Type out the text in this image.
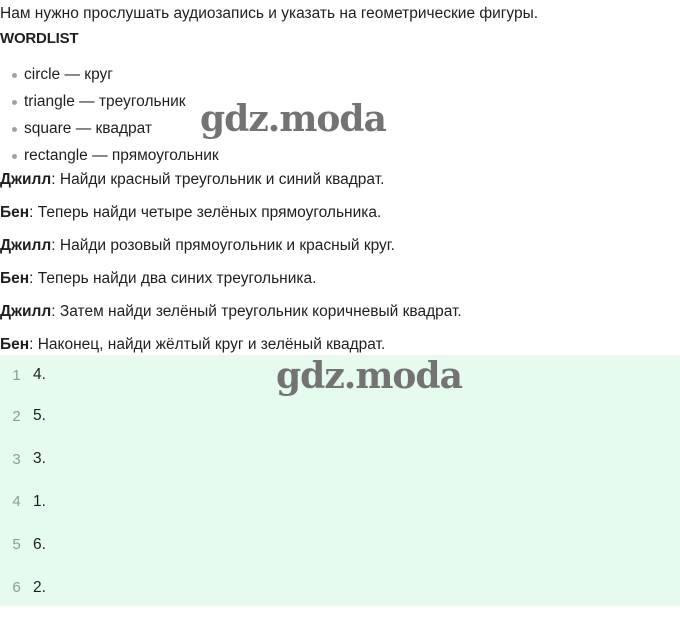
Нам нужно прослушать аудиозапись и указать на геометрические фигуры.
WORDLIST
circle — круг
triangle — треугольник
square — квадрат
rectangle — прямоугольник
Джилл: Найди красный треугольник и синий квадрат.
Бен: Теперь найди четыре зелёных прямоугольника.
Джилл: Найди розовый прямоугольник и красный круг.
Бен: Теперь найди два синих треугольника.
Джилл: Затем найди зелёный треугольник коричневый квадрат.
Бен: Наконец, найди жёлтый круг и зелёный квадрат.
1 4.
2 5.
3 3.
4 1.
5 6.
6 2.
gdz.moda
gdz.moda
